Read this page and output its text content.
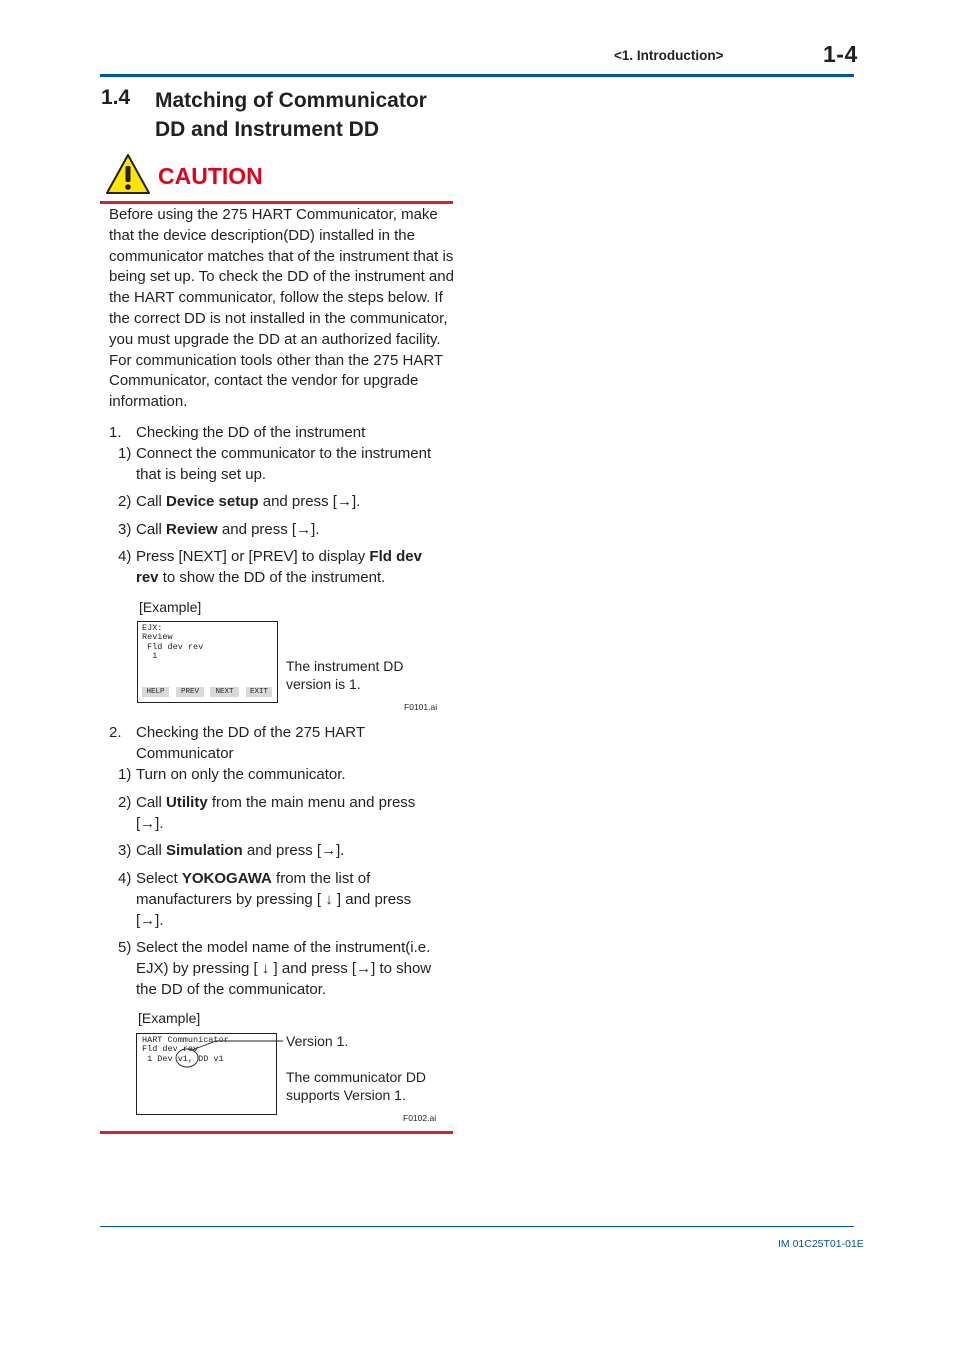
<1. Introduction>	1-4
1.4 Matching of Communicator
DD and Instrument DD
CAUTION
Before using the 275 HART Communicator, make that the device description(DD) installed in the communicator matches that of the instrument that is being set up. To check the DD of the instrument and the HART communicator, follow the steps below. If the correct DD is not installed in the communicator, you must upgrade the DD at an authorized facility. For communication tools other than the 275 HART Communicator, contact the vendor for upgrade information.
1. Checking the DD of the instrument
1) Connect the communicator to the instrument that is being set up.
2) Call Device setup and press [→].
3) Call Review and press [→].
4) Press [NEXT] or [PREV] to display Fld dev rev to show the DD of the instrument.
[Example]
EJX:
Review
Fld dev rev
1
HELP	PREV	NEXT	EXIT
The instrument DD version is 1.
F0101.ai
2. Checking the DD of the 275 HART Communicator
1) Turn on only the communicator.
2) Call Utility from the main menu and press [→].
3) Call Simulation and press [→].
4) Select YOKOGAWA from the list of manufacturers by pressing [ ↓ ] and press [→].
5) Select the model name of the instrument(i.e. EJX) by pressing [ ↓ ] and press [→] to show the DD of the communicator.
[Example]
HART Communicator
Fld dev rev
1 Dev v1, DD v1
Version 1.
The communicator DD supports Version 1.
F0102.ai
IM 01C25T01-01E
